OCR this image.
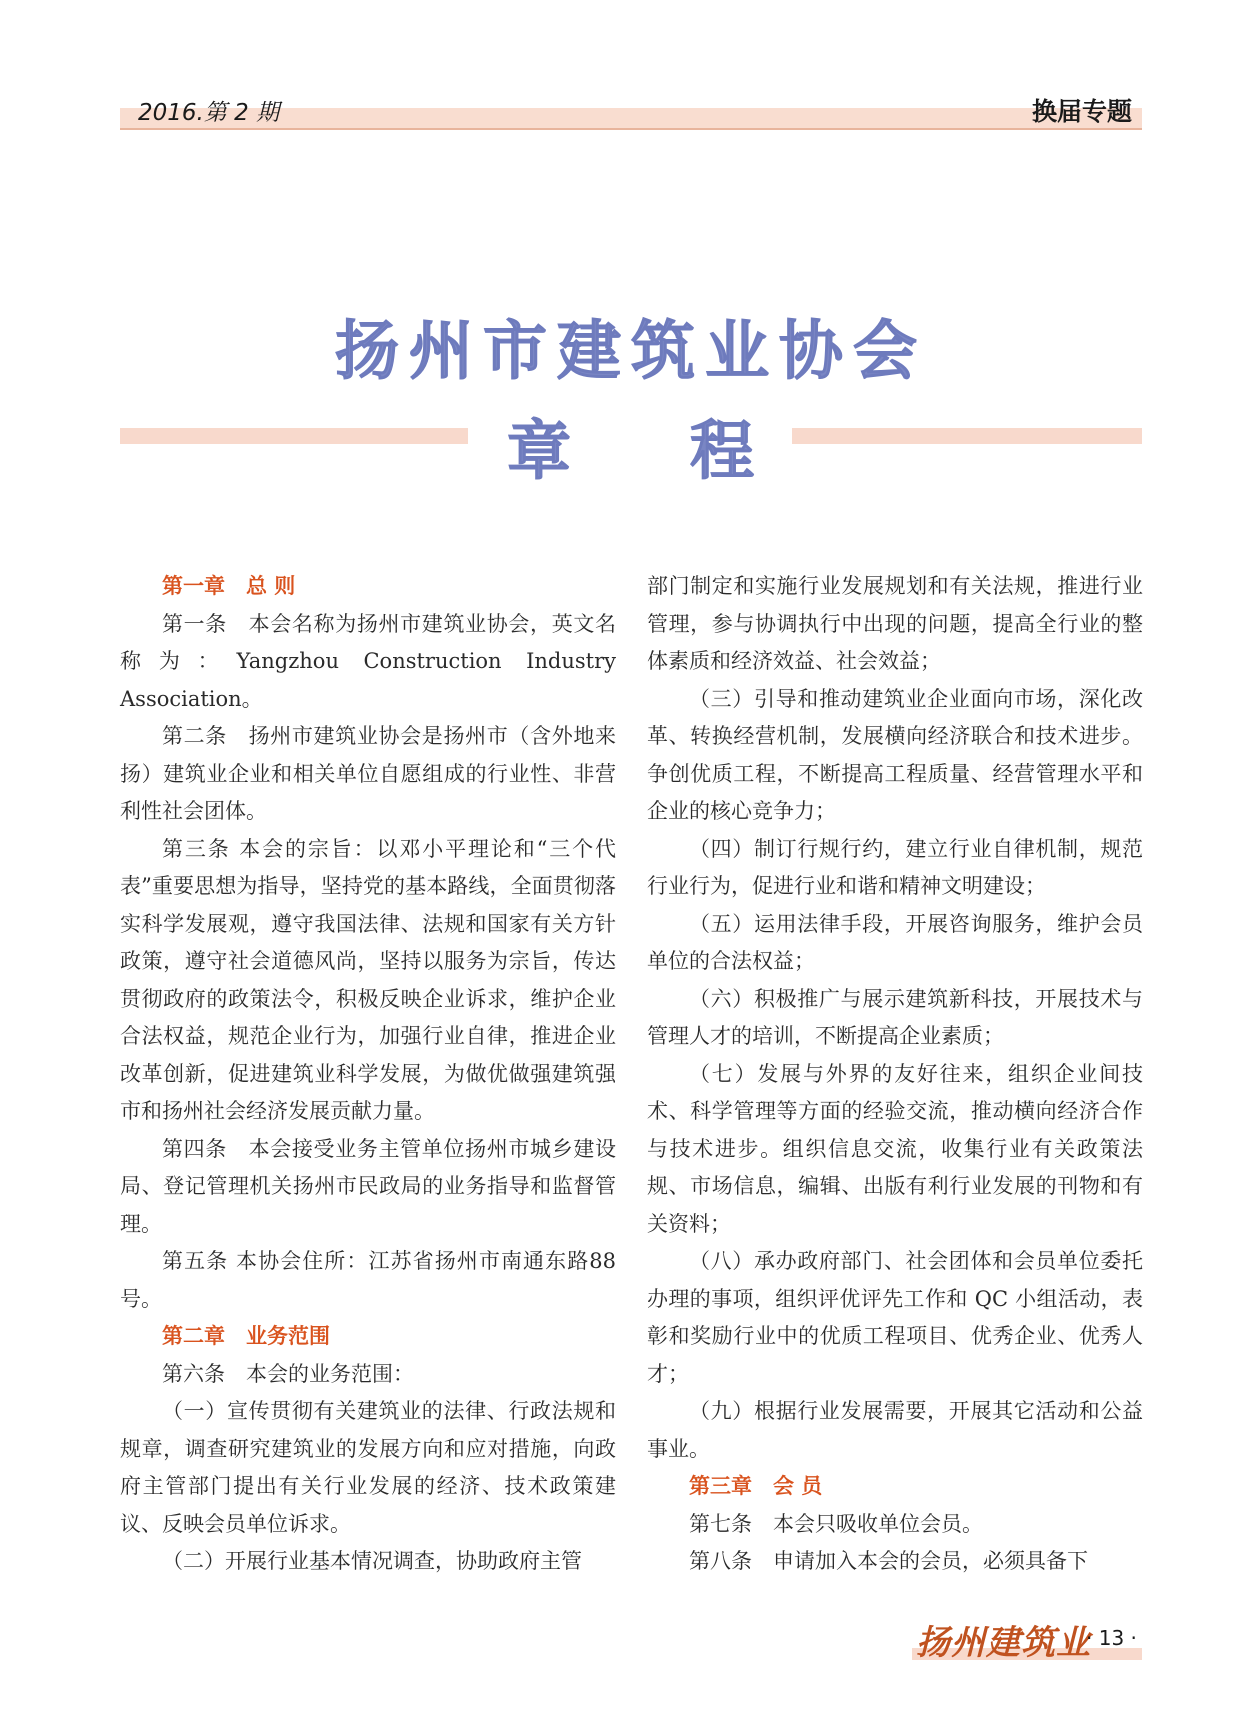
2016.第 2 期	换届专题
扬州市建筑业协会
章 程
第一章　总 则

第一条　本会名称为扬州市建筑业协会，英文名称为：Yangzhou Construction Industry Association。

第二条　扬州市建筑业协会是扬州市（含外地来扬）建筑业企业和相关单位自愿组成的行业性、非营利性社会团体。

第三条 本会的宗旨：以邓小平理论和“三个代表”重要思想为指导，坚持党的基本路线，全面贯彻落实科学发展观，遵守我国法律、法规和国家有关方针政策，遵守社会道德风尚，坚持以服务为宗旨，传达贯彻政府的政策法令，积极反映企业诉求，维护企业合法权益，规范企业行为，加强行业自律，推进企业改革创新，促进建筑业科学发展，为做优做强建筑强市和扬州社会经济发展贡献力量。

第四条　本会接受业务主管单位扬州市城乡建设局、登记管理机关扬州市民政局的业务指导和监督管理。

第五条 本协会住所：江苏省扬州市南通东路88 号。

第二章　业务范围

第六条　本会的业务范围：

（一）宣传贯彻有关建筑业的法律、行政法规和规章，调查研究建筑业的发展方向和应对措施，向政府主管部门提出有关行业发展的经济、技术政策建议、反映会员单位诉求。

（二）开展行业基本情况调查，协助政府主管

部门制定和实施行业发展规划和有关法规，推进行业管理，参与协调执行中出现的问题，提高全行业的整体素质和经济效益、社会效益；

（三）引导和推动建筑业企业面向市场，深化改革、转换经营机制，发展横向经济联合和技术进步。争创优质工程，不断提高工程质量、经营管理水平和企业的核心竞争力；

（四）制订行规行约，建立行业自律机制，规范行业行为，促进行业和谐和精神文明建设；

（五）运用法律手段，开展咨询服务，维护会员单位的合法权益；

（六）积极推广与展示建筑新科技，开展技术与管理人才的培训，不断提高企业素质；

（七）发展与外界的友好往来，组织企业间技术、科学管理等方面的经验交流，推动横向经济合作与技术进步。组织信息交流，收集行业有关政策法规、市场信息，编辑、出版有利行业发展的刊物和有关资料；

（八）承办政府部门、社会团体和会员单位委托办理的事项，组织评优评先工作和 QC 小组活动，表彰和奖励行业中的优质工程项目、优秀企业、优秀人才；

（九）根据行业发展需要，开展其它活动和公益事业。

第三章　会 员

第七条　本会只吸收单位会员。

第八条　申请加入本会的会员，必须具备下

扬州建筑业
· 13 ·
